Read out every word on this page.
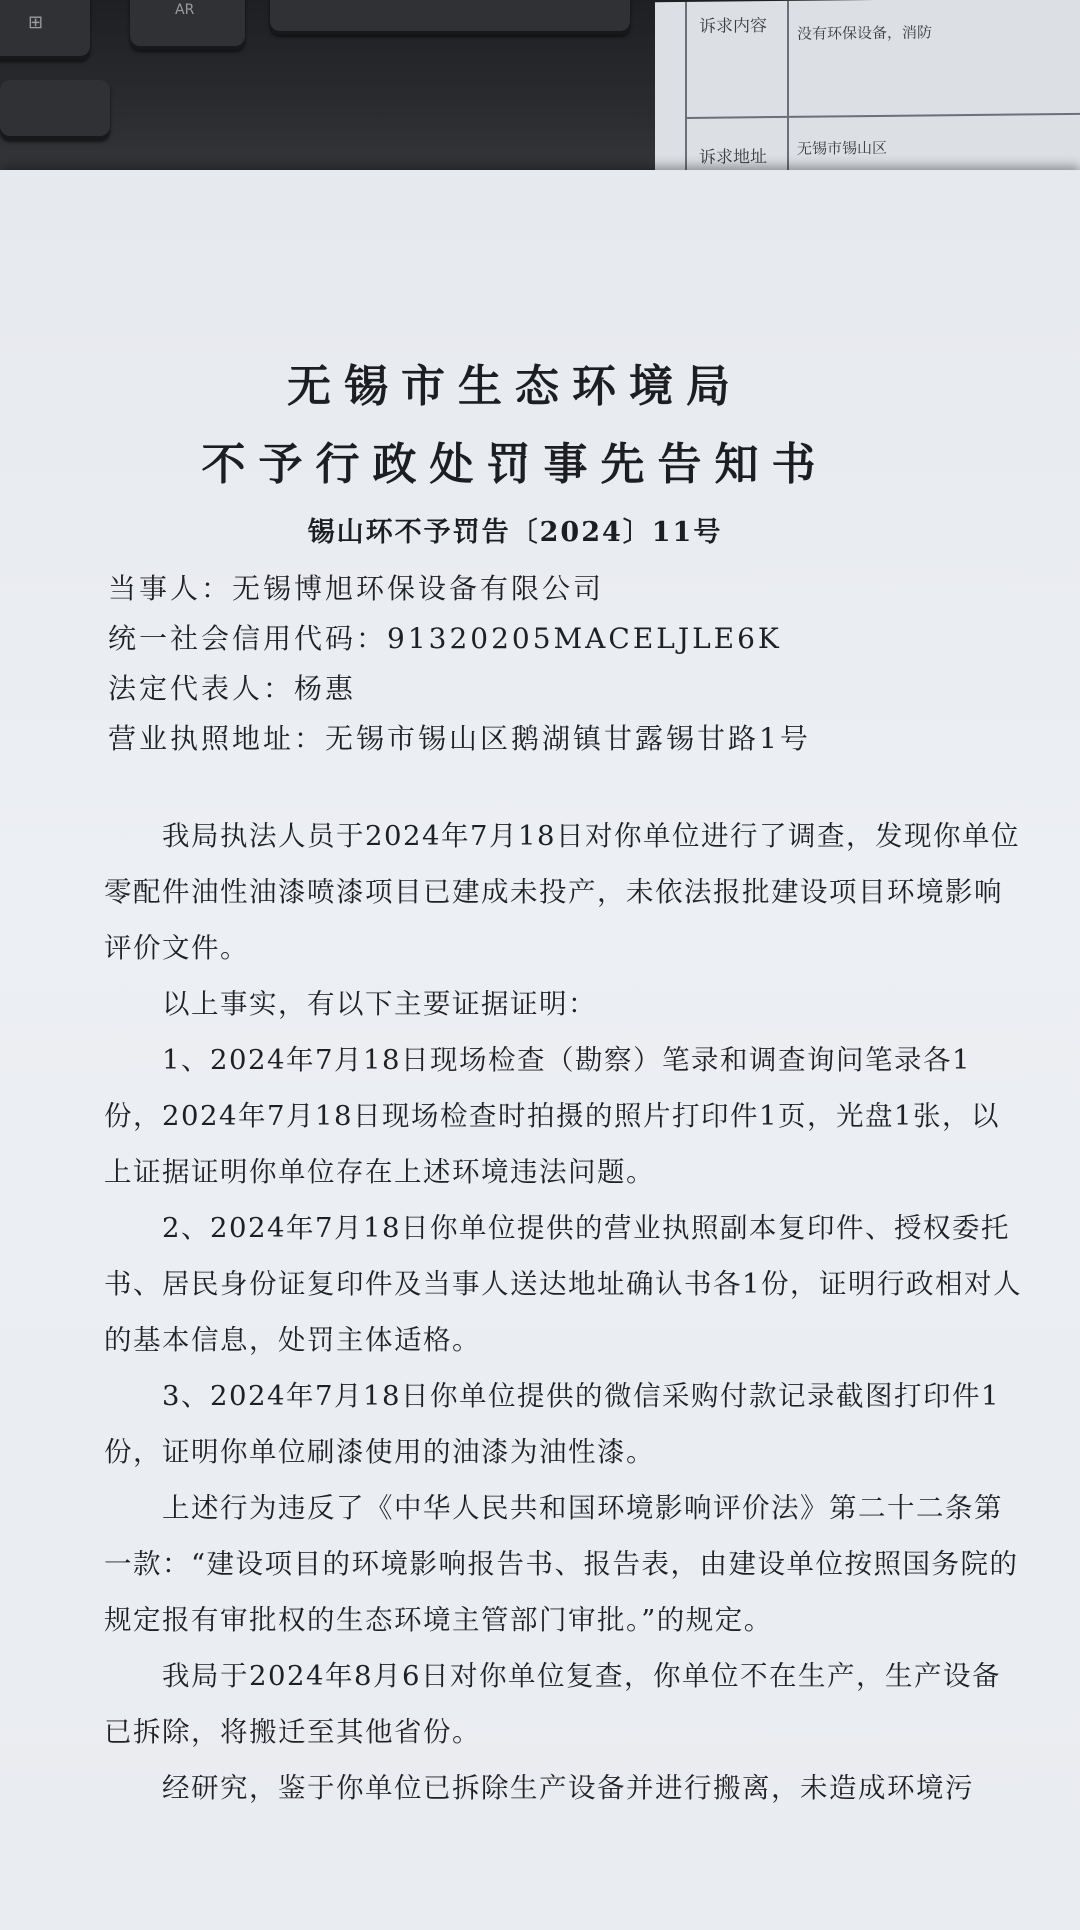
⊞
AR
诉求内容 没有环保设备，消防
诉求地址 无锡市锡山区
无锡市生态环境局
不予行政处罚事先告知书
锡山环不予罚告〔2024〕11号
当事人：无锡博旭环保设备有限公司
统一社会信用代码：91320205MACELJLE6K
法定代表人：杨惠
营业执照地址：无锡市锡山区鹅湖镇甘露锡甘路1号
我局执法人员于2024年7月18日对你单位进行了调查，发现你单位零配件油性油漆喷漆项目已建成未投产，未依法报批建设项目环境影响评价文件。
以上事实，有以下主要证据证明：
1、2024年7月18日现场检查（勘察）笔录和调查询问笔录各1份，2024年7月18日现场检查时拍摄的照片打印件1页，光盘1张，以上证据证明你单位存在上述环境违法问题。
2、2024年7月18日你单位提供的营业执照副本复印件、授权委托书、居民身份证复印件及当事人送达地址确认书各1份，证明行政相对人的基本信息，处罚主体适格。
3、2024年7月18日你单位提供的微信采购付款记录截图打印件1份，证明你单位刷漆使用的油漆为油性漆。
上述行为违反了《中华人民共和国环境影响评价法》第二十二条第一款：“建设项目的环境影响报告书、报告表，由建设单位按照国务院的规定报有审批权的生态环境主管部门审批。”的规定。
我局于2024年8月6日对你单位复查，你单位不在生产，生产设备已拆除，将搬迁至其他省份。
经研究，鉴于你单位已拆除生产设备并进行搬离，未造成环境污
